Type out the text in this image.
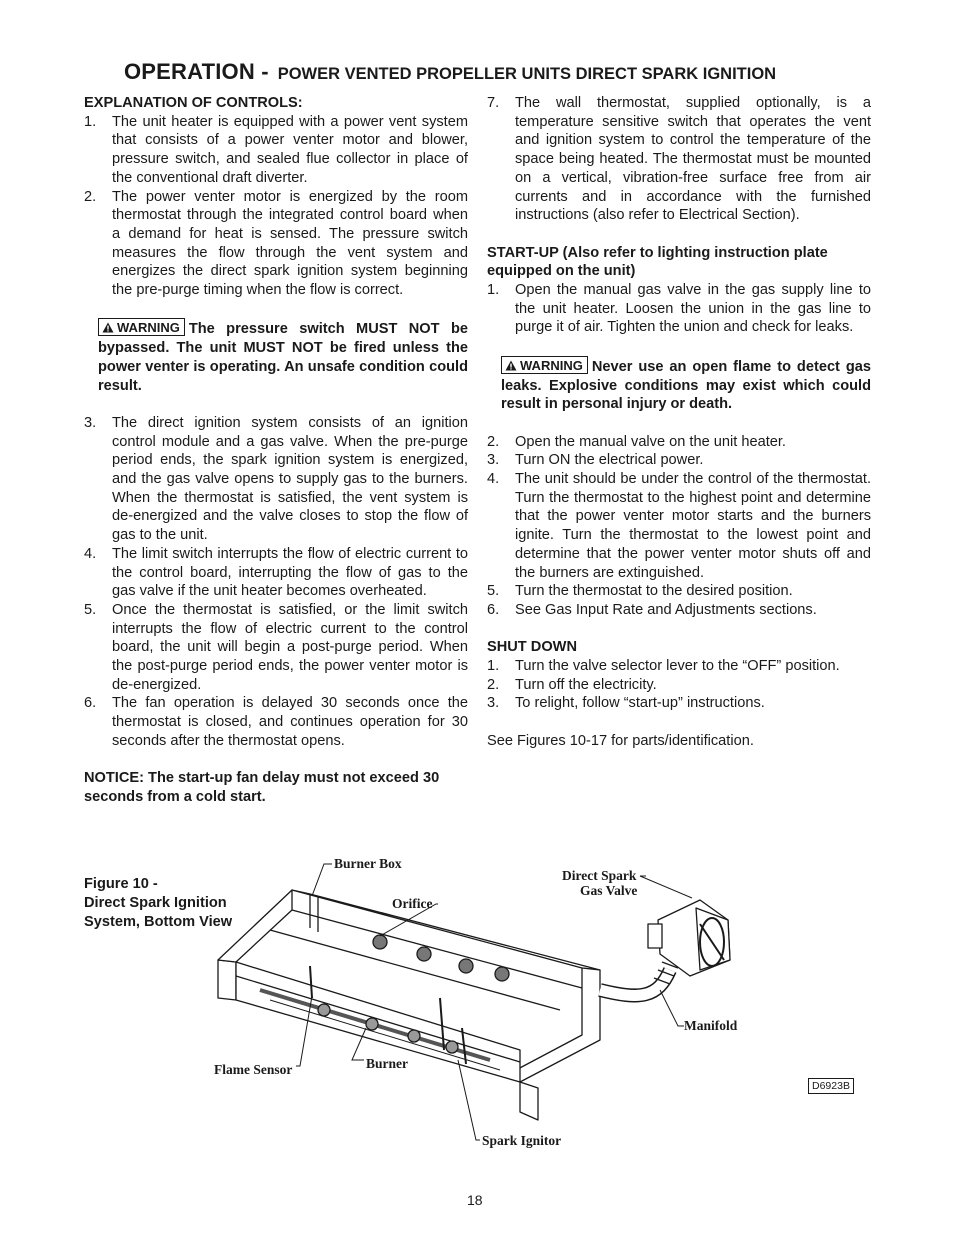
OPERATION - POWER VENTED PROPELLER UNITS DIRECT SPARK IGNITION

EXPLANATION OF CONTROLS:

1. The unit heater is equipped with a power vent system that consists of a power venter motor and blower, pressure switch, and sealed flue collector in place of the conventional draft diverter.
2. The power venter motor is energized by the room thermostat through the integrated control board when a demand for heat is sensed. The pressure switch measures the flow through the vent system and energizes the direct spark ignition system beginning the pre-purge timing when the flow is correct.
WARNING The pressure switch MUST NOT be bypassed. The unit MUST NOT be fired unless the power venter is operating. An unsafe condition could result.
3. The direct ignition system consists of an ignition control module and a gas valve. When the pre-purge period ends, the spark ignition system is energized, and the gas valve opens to supply gas to the burners. When the thermostat is satisfied, the vent system is de-energized and the valve closes to stop the flow of gas to the unit.
4. The limit switch interrupts the flow of electric current to the control board, interrupting the flow of gas to the gas valve if the unit heater becomes overheated.
5. Once the thermostat is satisfied, or the limit switch interrupts the flow of electric current to the control board, the unit will begin a post-purge period. When the post-purge period ends, the power venter motor is de-energized.
6. The fan operation is delayed 30 seconds once the thermostat is closed, and continues operation for 30 seconds after the thermostat opens.

NOTICE: The start-up fan delay must not exceed 30 seconds from a cold start.

7. The wall thermostat, supplied optionally, is a temperature sensitive switch that operates the vent and ignition system to control the temperature of the space being heated. The thermostat must be mounted on a vertical, vibration-free surface free from air currents and in accordance with the furnished instructions (also refer to Electrical Section).

START-UP (Also refer to lighting instruction plate equipped on the unit)

1. Open the manual gas valve in the gas supply line to the unit heater. Loosen the union in the gas line to purge it of air. Tighten the union and check for leaks.
WARNING Never use an open flame to detect gas leaks. Explosive conditions may exist which could result in personal injury or death.
2. Open the manual valve on the unit heater.
3. Turn ON the electrical power.
4. The unit should be under the control of the thermostat. Turn the thermostat to the highest point and determine that the power venter motor starts and the burners ignite. Turn the thermostat to the lowest point and determine that the power venter motor shuts off and the burners are extinguished.
5. Turn the thermostat to the desired position.
6. See Gas Input Rate and Adjustments sections.

SHUT DOWN

1. Turn the valve selector lever to the “OFF” position.
2. Turn off the electricity.
3. To relight, follow “start-up” instructions.

See Figures 10-17 for parts/identification.

Figure 10 -
Direct Spark Ignition
System, Bottom View

Burner Box
Orifice
Direct Spark
Gas Valve
Manifold
Flame Sensor	Burner
Spark Ignitor
D6923B
18
